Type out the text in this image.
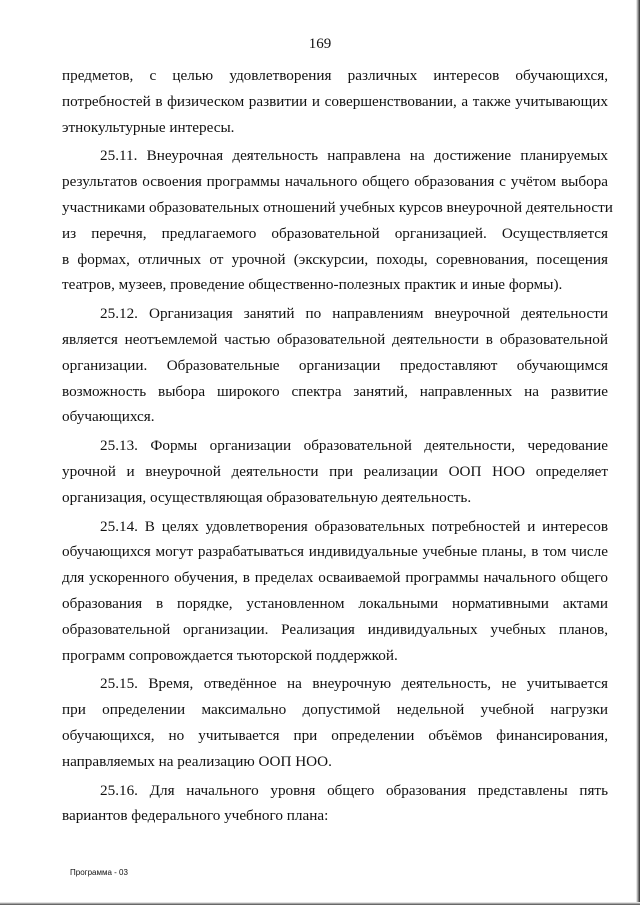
169
предметов, с целью удовлетворения различных интересов обучающихся,
потребностей в физическом развитии и совершенствовании, а также учитывающих
этнокультурные интересы.
25.11. Внеурочная деятельность направлена на достижение планируемых
результатов освоения программы начального общего образования с учётом выбора
участниками образовательных отношений учебных курсов внеурочной деятельности
из перечня, предлагаемого образовательной организацией. Осуществляется
в формах, отличных от урочной (экскурсии, походы, соревнования, посещения
театров, музеев, проведение общественно-полезных практик и иные формы).
25.12. Организация занятий по направлениям внеурочной деятельности
является неотъемлемой частью образовательной деятельности в образовательной
организации. Образовательные организации предоставляют обучающимся
возможность выбора широкого спектра занятий, направленных на развитие
обучающихся.
25.13. Формы организации образовательной деятельности, чередование
урочной и внеурочной деятельности при реализации ООП НОО определяет
организация, осуществляющая образовательную деятельность.
25.14. В целях удовлетворения образовательных потребностей и интересов
обучающихся могут разрабатываться индивидуальные учебные планы, в том числе
для ускоренного обучения, в пределах осваиваемой программы начального общего
образования в порядке, установленном локальными нормативными актами
образовательной организации. Реализация индивидуальных учебных планов,
программ сопровождается тьюторской поддержкой.
25.15. Время, отведённое на внеурочную деятельность, не учитывается
при определении максимально допустимой недельной учебной нагрузки
обучающихся, но учитывается при определении объёмов финансирования,
направляемых на реализацию ООП НОО.
25.16. Для начального уровня общего образования представлены пять
вариантов федерального учебного плана:
Программа - 03
